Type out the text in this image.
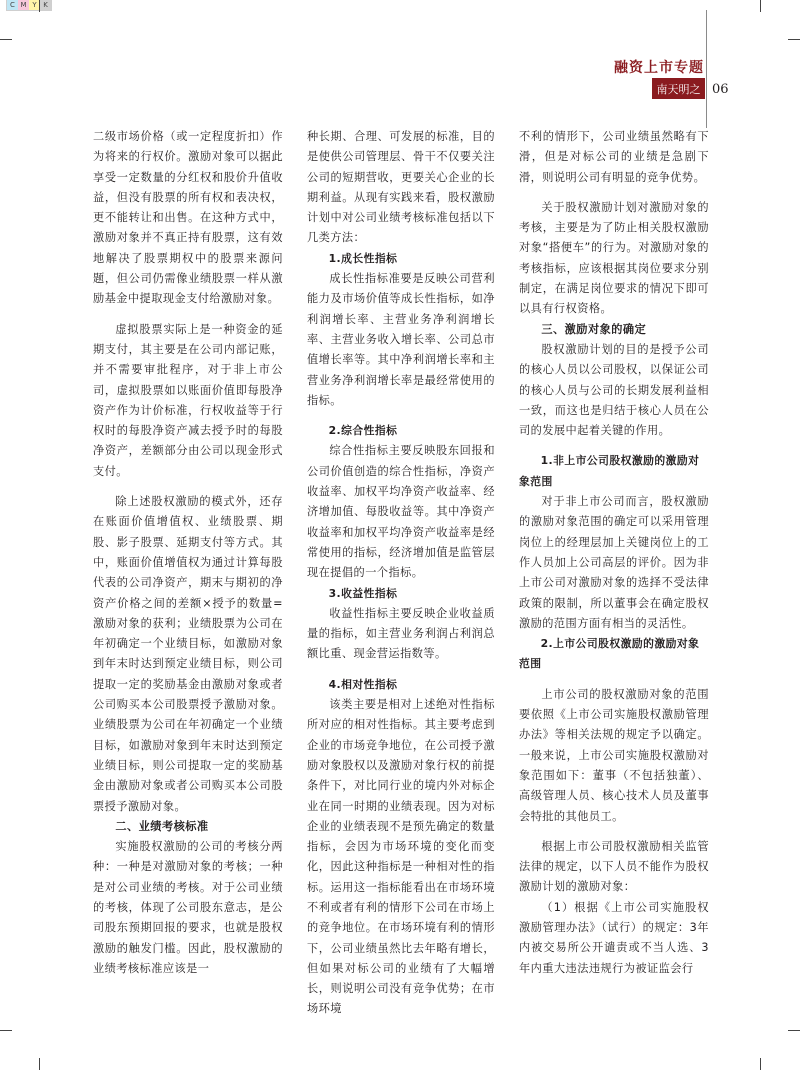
C M Y K
融资上市专题
南天明之窗
06

二级市场价格（或一定程度折扣）作为将来的行权价。激励对象可以据此享受一定数量的分红权和股价升值收益，但没有股票的所有权和表决权，更不能转让和出售。在这种方式中，激励对象并不真正持有股票，这有效地解决了股票期权中的股票来源问题，但公司仍需像业绩股票一样从激励基金中提取现金支付给激励对象。

虚拟股票实际上是一种资金的延期支付，其主要是在公司内部记账，并不需要审批程序，对于非上市公司，虚拟股票如以账面价值即每股净资产作为计价标准，行权收益等于行权时的每股净资产减去授予时的每股净资产，差额部分由公司以现金形式支付。

除上述股权激励的模式外，还存在账面价值增值权、业绩股票、期股、影子股票、延期支付等方式。其中，账面价值增值权为通过计算每股代表的公司净资产，期末与期初的净资产价格之间的差额×授予的数量=激励对象的获利；业绩股票为公司在年初确定一个业绩目标，如激励对象到年末时达到预定业绩目标，则公司提取一定的奖励基金由激励对象或者公司购买本公司股票授予激励对象。业绩股票为公司在年初确定一个业绩目标，如激励对象到年末时达到预定业绩目标，则公司提取一定的奖励基金由激励对象或者公司购买本公司股票授予激励对象。

二、业绩考核标准

实施股权激励的公司的考核分两种：一种是对激励对象的考核；一种是对公司业绩的考核。对于公司业绩的考核，体现了公司股东意志，是公司股东预期回报的要求，也就是股权激励的触发门槛。因此，股权激励的业绩考核标准应该是一

种长期、合理、可发展的标准，目的是使供公司管理层、骨干不仅要关注公司的短期营收，更要关心企业的长期利益。从现有实践来看，股权激励计划中对公司业绩考核标准包括以下几类方法：

1.成长性指标

成长性指标准要是反映公司营利能力及市场价值等成长性指标，如净利润增长率、主营业务净利润增长率、主营业务收入增长率、公司总市值增长率等。其中净利润增长率和主营业务净利润增长率是最经常使用的指标。

2.综合性指标

综合性指标主要反映股东回报和公司价值创造的综合性指标，净资产收益率、加权平均净资产收益率、经济增加值、每股收益等。其中净资产收益率和加权平均净资产收益率是经常使用的指标，经济增加值是监管层现在提倡的一个指标。

3.收益性指标

收益性指标主要反映企业收益质量的指标，如主营业务利润占利润总额比重、现金营运指数等。

4.相对性指标

该类主要是相对上述绝对性指标所对应的相对性指标。其主要考虑到企业的市场竞争地位，在公司授予激励对象股权以及激励对象行权的前提条件下，对比同行业的境内外对标企业在同一时期的业绩表现。因为对标企业的业绩表现不是预先确定的数量指标，会因为市场环境的变化而变化，因此这种指标是一种相对性的指标。运用这一指标能看出在市场环境不利或者有利的情形下公司在市场上的竞争地位。在市场环境有利的情形下，公司业绩虽然比去年略有增长，但如果对标公司的业绩有了大幅增长，则说明公司没有竞争优势；在市场环境

不利的情形下，公司业绩虽然略有下滑，但是对标公司的业绩是急剧下滑，则说明公司有明显的竞争优势。

关于股权激励计划对激励对象的考核，主要是为了防止相关股权激励对象“搭便车”的行为。对激励对象的考核指标，应该根据其岗位要求分别制定，在满足岗位要求的情况下即可以具有行权资格。

三、激励对象的确定

股权激励计划的目的是授予公司的核心人员以公司股权，以保证公司的核心人员与公司的长期发展利益相一致，而这也是归结于核心人员在公司的发展中起着关键的作用。

1.非上市公司股权激励的激励对象范围

对于非上市公司而言，股权激励的激励对象范围的确定可以采用管理岗位上的经理层加上关键岗位上的工作人员加上公司高层的评价。因为非上市公司对激励对象的选择不受法律政策的限制，所以董事会在确定股权激励的范围方面有相当的灵活性。

2.上市公司股权激励的激励对象范围

上市公司的股权激励对象的范围要依照《上市公司实施股权激励管理办法》等相关法规的规定予以确定。一般来说，上市公司实施股权激励对象范围如下：董事（不包括独董）、高级管理人员、核心技术人员及董事会特批的其他员工。

根据上市公司股权激励相关监管法律的规定，以下人员不能作为股权激励计划的激励对象：

（1）根据《上市公司实施股权激励管理办法》（试行）的规定：3年内被交易所公开谴责或不当人选、3年内重大违法违规行为被证监会行
